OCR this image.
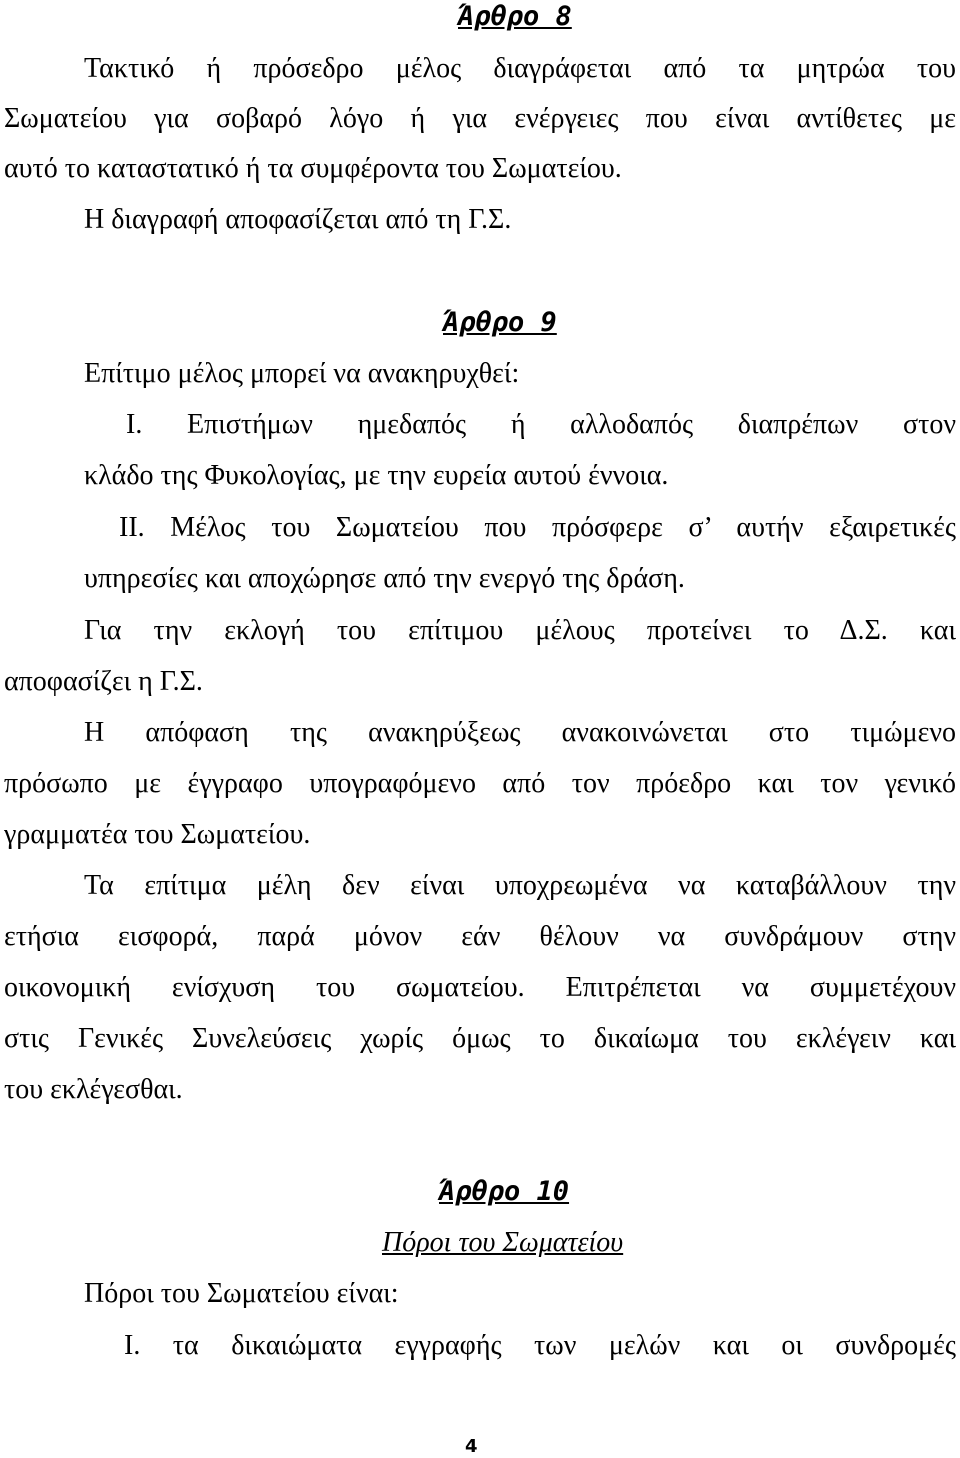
Άρθρο 8

Τακτικό ή πρόσεδρο μέλος διαγράφεται από τα μητρώα του

Σωματείου για σοβαρό λόγο ή για ενέργειες που είναι αντίθετες με

αυτό το καταστατικό ή τα συμφέροντα του Σωματείου.

Η διαγραφή αποφασίζεται από τη Γ.Σ.

Άρθρο 9

Επίτιμο μέλος μπορεί να ανακηρυχθεί:

I. Επιστήμων ημεδαπός ή αλλοδαπός διαπρέπων στον

κλάδο της Φυκολογίας, με την ευρεία αυτού έννοια.

II. Μέλος του Σωματείου που πρόσφερε σ’ αυτήν εξαιρετικές

υπηρεσίες και αποχώρησε από την ενεργό της δράση.

Για την εκλογή του επίτιμου μέλους προτείνει το Δ.Σ. και

αποφασίζει η Γ.Σ.

Η απόφαση της ανακηρύξεως ανακοινώνεται στο τιμώμενο

πρόσωπο με έγγραφο υπογραφόμενο από τον πρόεδρο και τον γενικό

γραμματέα του Σωματείου.

Τα επίτιμα μέλη δεν είναι υποχρεωμένα να καταβάλλουν την

ετήσια εισφορά, παρά μόνον εάν θέλουν να συνδράμουν στην

οικονομική ενίσχυση του σωματείου. Επιτρέπεται να συμμετέχουν

στις Γενικές Συνελεύσεις χωρίς όμως το δικαίωμα του εκλέγειν και

του εκλέγεσθαι.

Άρθρο 10

Πόροι του Σωματείου

Πόροι του Σωματείου είναι:

I. τα δικαιώματα εγγραφής των μελών και οι συνδρομές

4
